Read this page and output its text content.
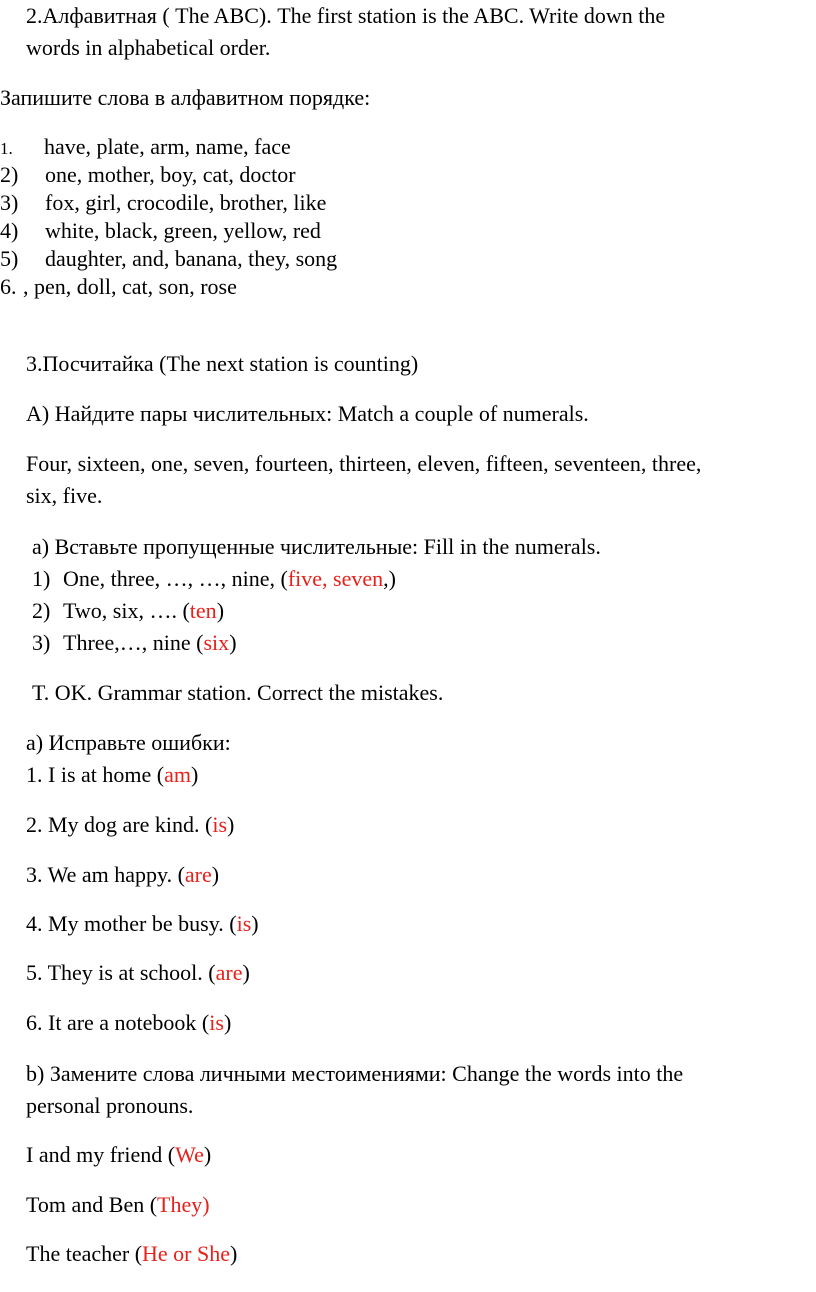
2.Алфавитная ( The ABC). The first station is the ABC. Write down the
words in alphabetical order.
Запишите слова в алфавитном порядке:
1. have, plate, arm, name, face
2) one, mother, boy, cat, doctor
3) fox, girl, crocodile, brother, like
4) white, black, green, yellow, red
5) daughter, and, banana, they, song
6. , pen, doll, cat, son, rose
3.Посчитайка (The next station is counting)
A) Найдите пары числительных: Match a couple of numerals.
Four, sixteen, one, seven, fourteen, thirteen, eleven, fifteen, seventeen, three,
six, five.
a) Вставьте пропущенные числительные: Fill in the numerals.
1) One, three, …, …, nine, (five, seven,)
2) Two, six, …. (ten)
3) Three,…, nine (six)
T. OK. Grammar station. Correct the mistakes.
a) Исправьте ошибки:
1. I is at home (am)
2. My dog are kind. (is)
3. We am happy. (are)
4. My mother be busy. (is)
5. They is at school. (are)
6. It are a notebook (is)
b) Замените слова личными местоимениями: Change the words into the
personal pronouns.
I and my friend (We)
Tom and Ben (They)
The teacher (He or She)
